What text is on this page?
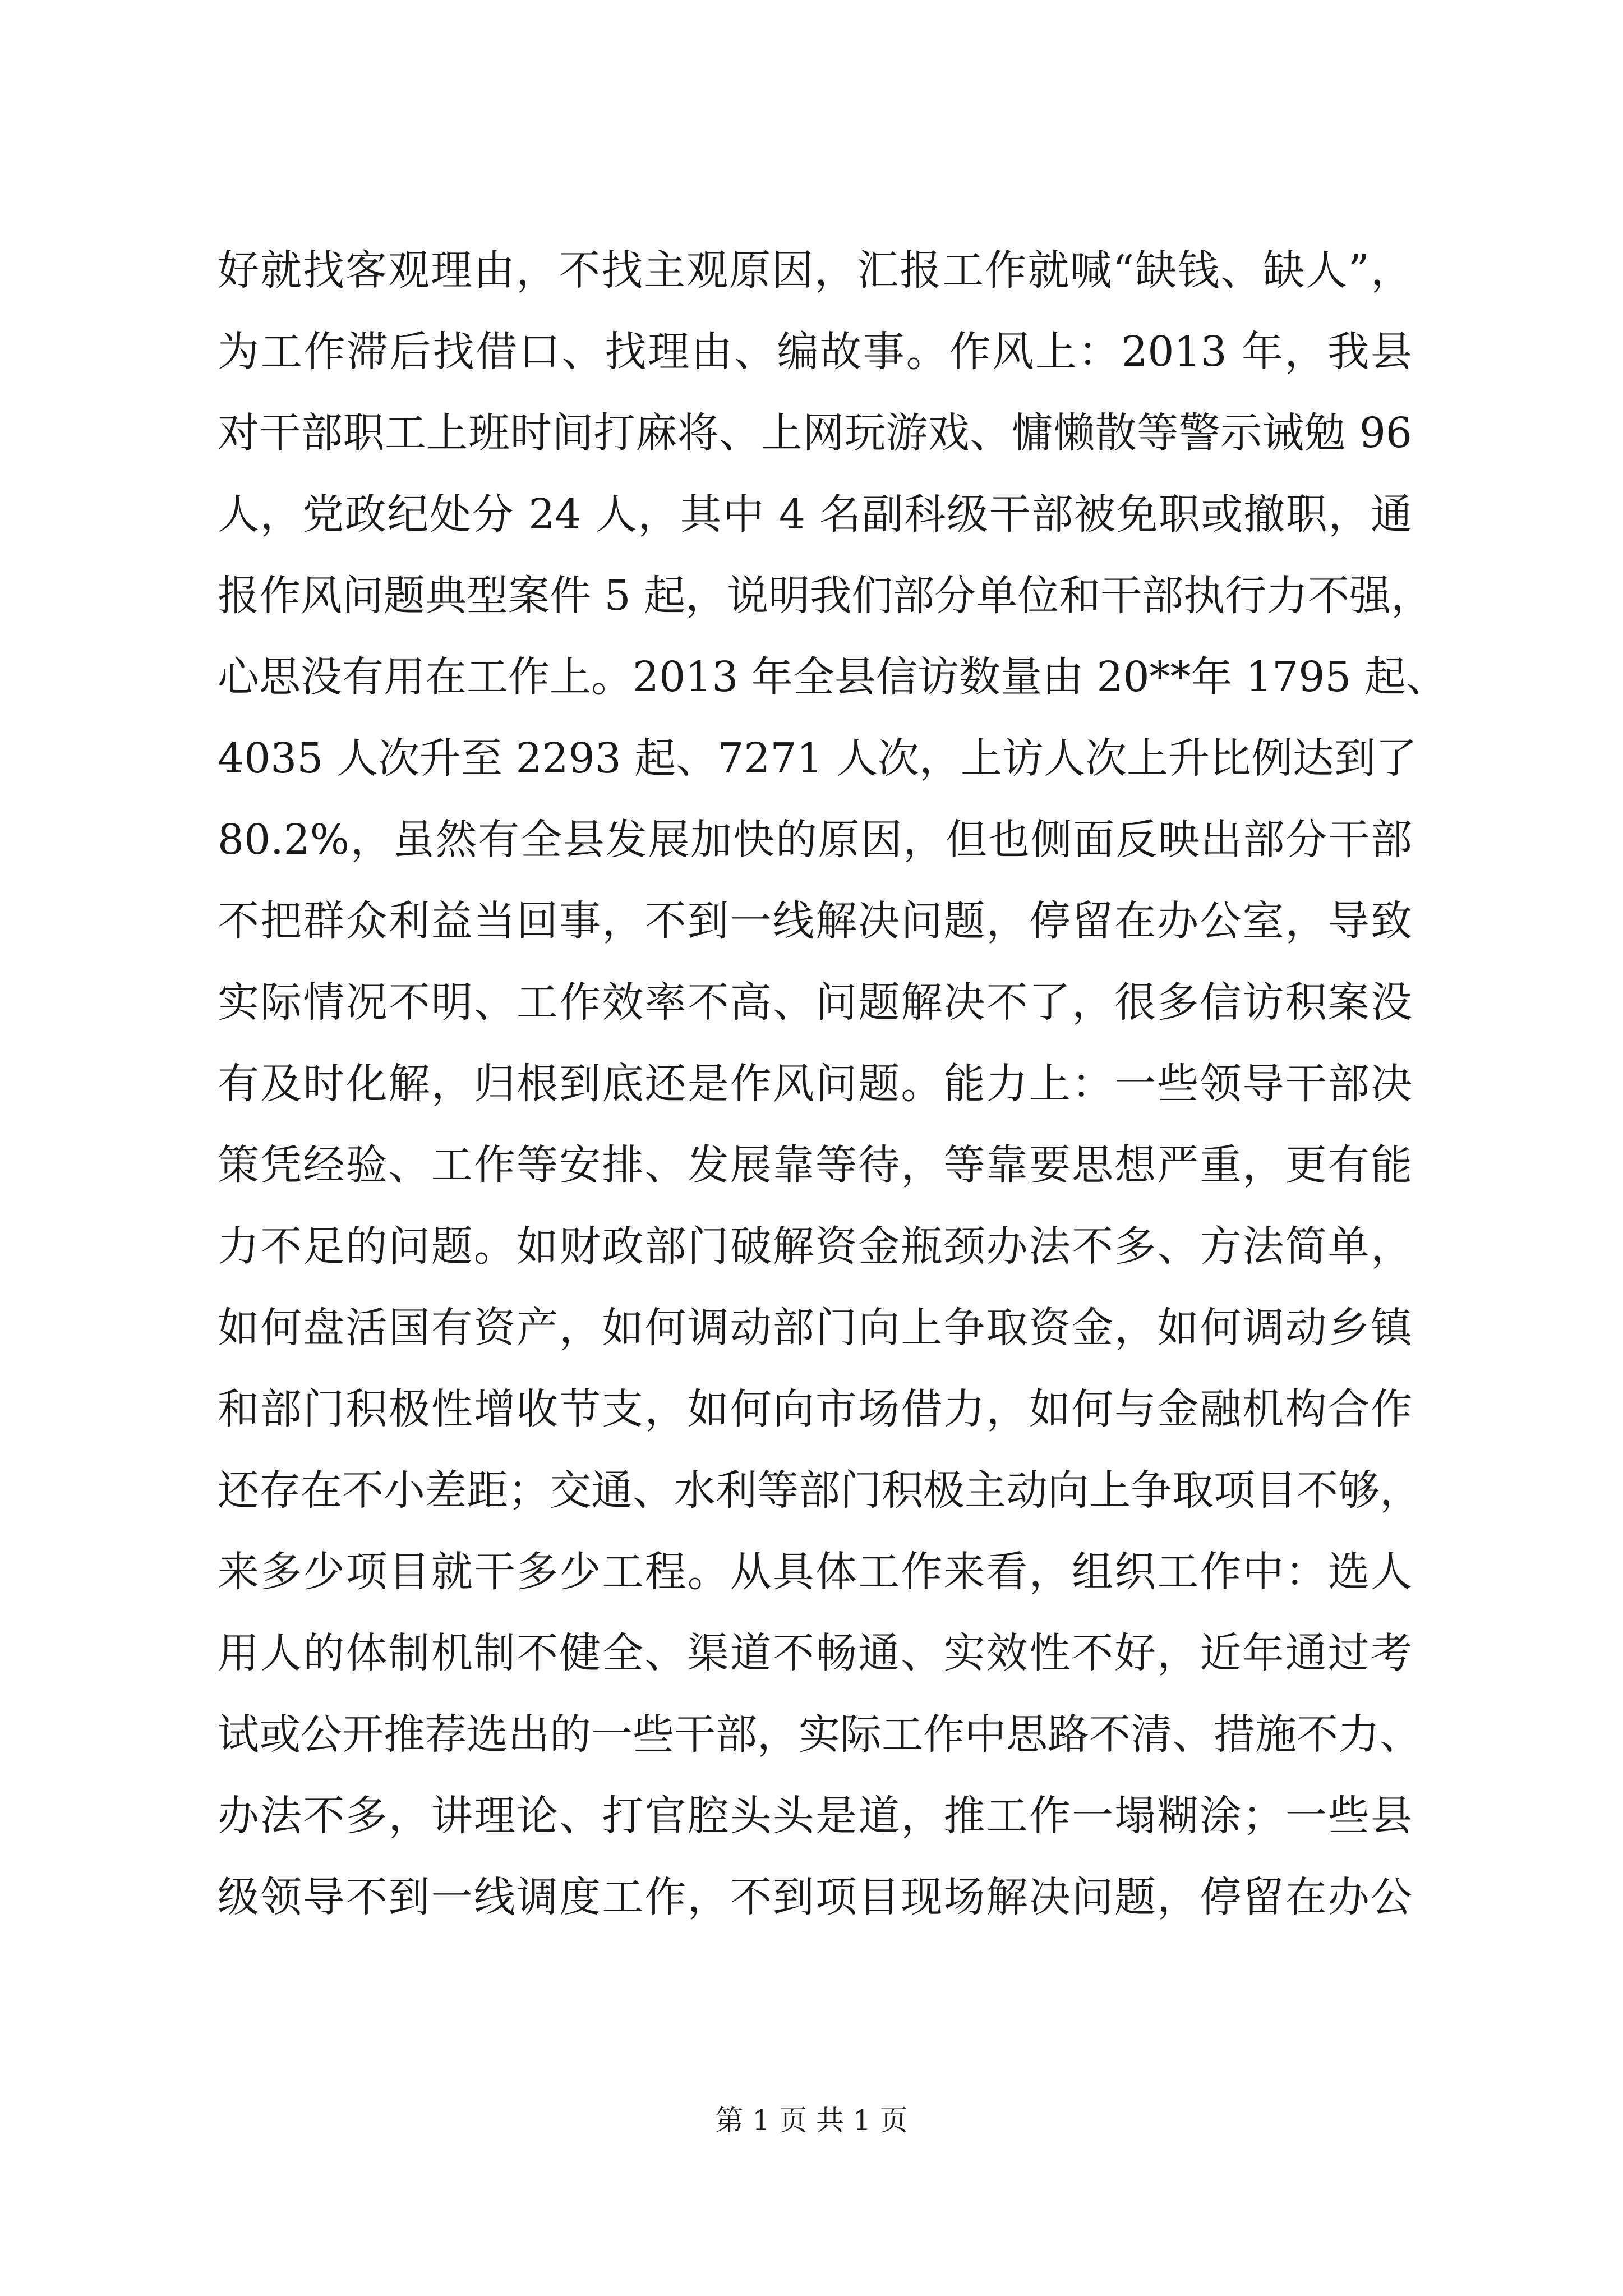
好就找客观理由，不找主观原因，汇报工作就喊“缺钱、缺人”，
为工作滞后找借口、找理由、编故事。作风上：2013 年，我县
对干部职工上班时间打麻将、上网玩游戏、慵懒散等警示诫勉 96
人，党政纪处分 24 人，其中 4 名副科级干部被免职或撤职，通
报作风问题典型案件 5 起，说明我们部分单位和干部执行力不强，
心思没有用在工作上。2013 年全县信访数量由 20**年 1795 起、
4035 人次升至 2293 起、7271 人次，上访人次上升比例达到了
80.2%，虽然有全县发展加快的原因，但也侧面反映出部分干部
不把群众利益当回事，不到一线解决问题，停留在办公室，导致
实际情况不明、工作效率不高、问题解决不了，很多信访积案没
有及时化解，归根到底还是作风问题。能力上：一些领导干部决
策凭经验、工作等安排、发展靠等待，等靠要思想严重，更有能
力不足的问题。如财政部门破解资金瓶颈办法不多、方法简单，
如何盘活国有资产，如何调动部门向上争取资金，如何调动乡镇
和部门积极性增收节支，如何向市场借力，如何与金融机构合作
还存在不小差距；交通、水利等部门积极主动向上争取项目不够，
来多少项目就干多少工程。从具体工作来看，组织工作中：选人
用人的体制机制不健全、渠道不畅通、实效性不好，近年通过考
试或公开推荐选出的一些干部，实际工作中思路不清、措施不力、
办法不多，讲理论、打官腔头头是道，推工作一塌糊涂；一些县
级领导不到一线调度工作，不到项目现场解决问题，停留在办公
第 1 页 共 1 页
